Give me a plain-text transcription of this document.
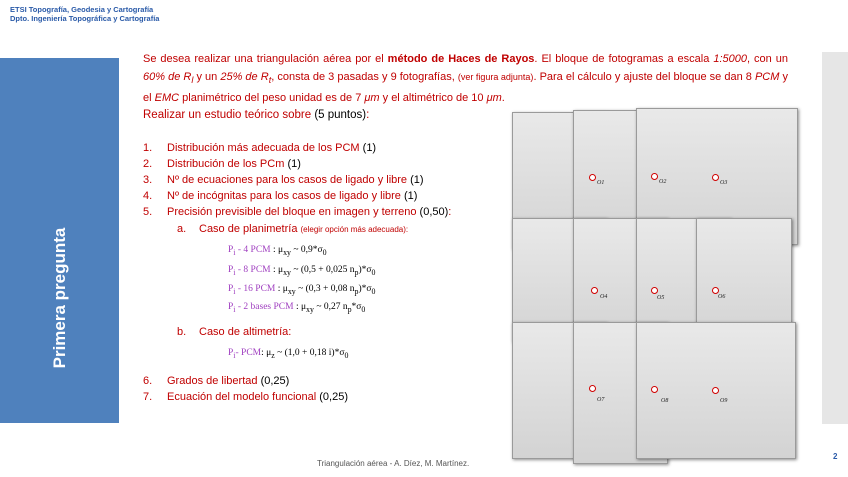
ETSI Topografía, Geodesia y Cartografía
Dpto. Ingeniería Topográfica y Cartografía
Primera pregunta
Se desea realizar una triangulación aérea por el método de Haces de Rayos. El bloque de fotogramas a escala 1:5000, con un 60% de $R_l$ y un 25% de $R_t$, consta de 3 pasadas y 9 fotografías, (ver figura adjunta). Para el cálculo y ajuste del bloque se dan 8 PCM y el EMC planimétrico del peso unidad es de 7 μm y el altimétrico de 10 μm.
Realizar un estudio teórico sobre (5 puntos):
1. Distribución más adecuada de los PCM (1)
2. Distribución de los PCm (1)
3. Nº de ecuaciones para los casos de ligado y libre (1)
4. Nº de incógnitas para los casos de ligado y libre (1)
5. Precisión previsible del bloque en imagen y terreno (0,50):
a. Caso de planimetría (elegir opción más adecuada):
$P_i - 4$ PCM : $\mu_{xy}$ ~ $0,9*\sigma_0$
$P_i - 8$ PCM : $\mu_{xy}$ ~ (0,5 + 0,025 $n_p)*\sigma_0$
$P_i - 16$ PCM : $\mu_{xy}$ ~ (0,3 + 0,08 $n_p)*\sigma_0$
$P_i - 2$ bases PCM : $\mu_{xy}$ ~ 0,27 $n_p*\sigma_0$
b. Caso de altimetría:
$P_i-$ PCM: $\mu_z$ ~ (1,0 + 0,18 $i)*\sigma_0$
6. Grados de libertad (0,25)
7. Ecuación del modelo funcional (0,25)
O1	O2	O3
O4	O5	O6
O7	O8	O9
Triangulación aérea - A. Díez, M. Martínez.
2
